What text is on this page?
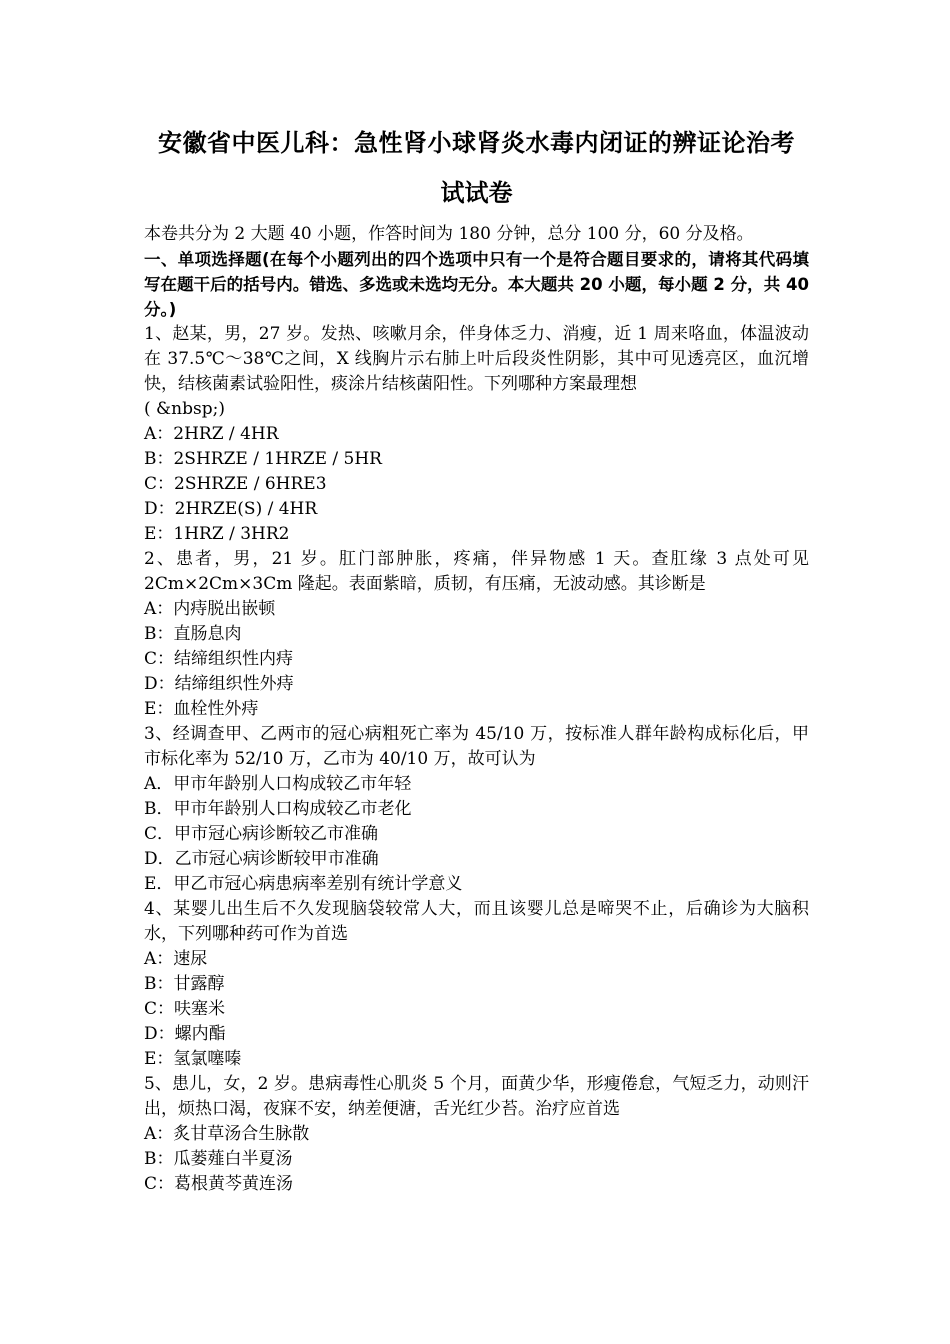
安徽省中医儿科：急性肾小球肾炎水毒内闭证的辨证论治考
试试卷
本卷共分为 2 大题 40 小题，作答时间为 180 分钟，总分 100 分，60 分及格。
一、单项选择题(在每个小题列出的四个选项中只有一个是符合题目要求的，请将其代码填写在题干后的括号内。错选、多选或未选均无分。本大题共 20 小题，每小题 2 分，共 40 分。)
1、赵某，男，27 岁。发热、咳嗽月余，伴身体乏力、消瘦，近 1 周来咯血，体温波动在 37.5℃～38℃之间，X 线胸片示右肺上叶后段炎性阴影，其中可见透亮区，血沉增快，结核菌素试验阳性，痰涂片结核菌阳性。下列哪种方案最理想
( &nbsp;)
A：2HRZ / 4HR
B：2SHRZE / 1HRZE / 5HR
C：2SHRZE / 6HRE3
D：2HRZE(S) / 4HR
E：1HRZ / 3HR2
2、患者，男，21 岁。肛门部肿胀，疼痛，伴异物感 1 天。查肛缘 3 点处可见 2Cm×2Cm×3Cm 隆起。表面紫暗，质韧，有压痛，无波动感。其诊断是
A：内痔脱出嵌顿
B：直肠息肉
C：结缔组织性内痔
D：结缔组织性外痔
E：血栓性外痔
3、经调查甲、乙两市的冠心病粗死亡率为 45/10 万，按标准人群年龄构成标化后，甲市标化率为 52/10 万，乙市为 40/10 万，故可认为
A．甲市年龄别人口构成较乙市年轻
B．甲市年龄别人口构成较乙市老化
C．甲市冠心病诊断较乙市准确
D．乙市冠心病诊断较甲市准确
E．甲乙市冠心病患病率差别有统计学意义
4、某婴儿出生后不久发现脑袋较常人大，而且该婴儿总是啼哭不止，后确诊为大脑积水，下列哪种药可作为首选
A：速尿
B：甘露醇
C：呋塞米
D：螺内酯
E：氢氯噻嗪
5、患儿，女，2 岁。患病毒性心肌炎 5 个月，面黄少华，形瘦倦怠，气短乏力，动则汗出，烦热口渴，夜寐不安，纳差便溏，舌光红少苔。治疗应首选
A：炙甘草汤合生脉散
B：瓜蒌薤白半夏汤
C：葛根黄芩黄连汤
